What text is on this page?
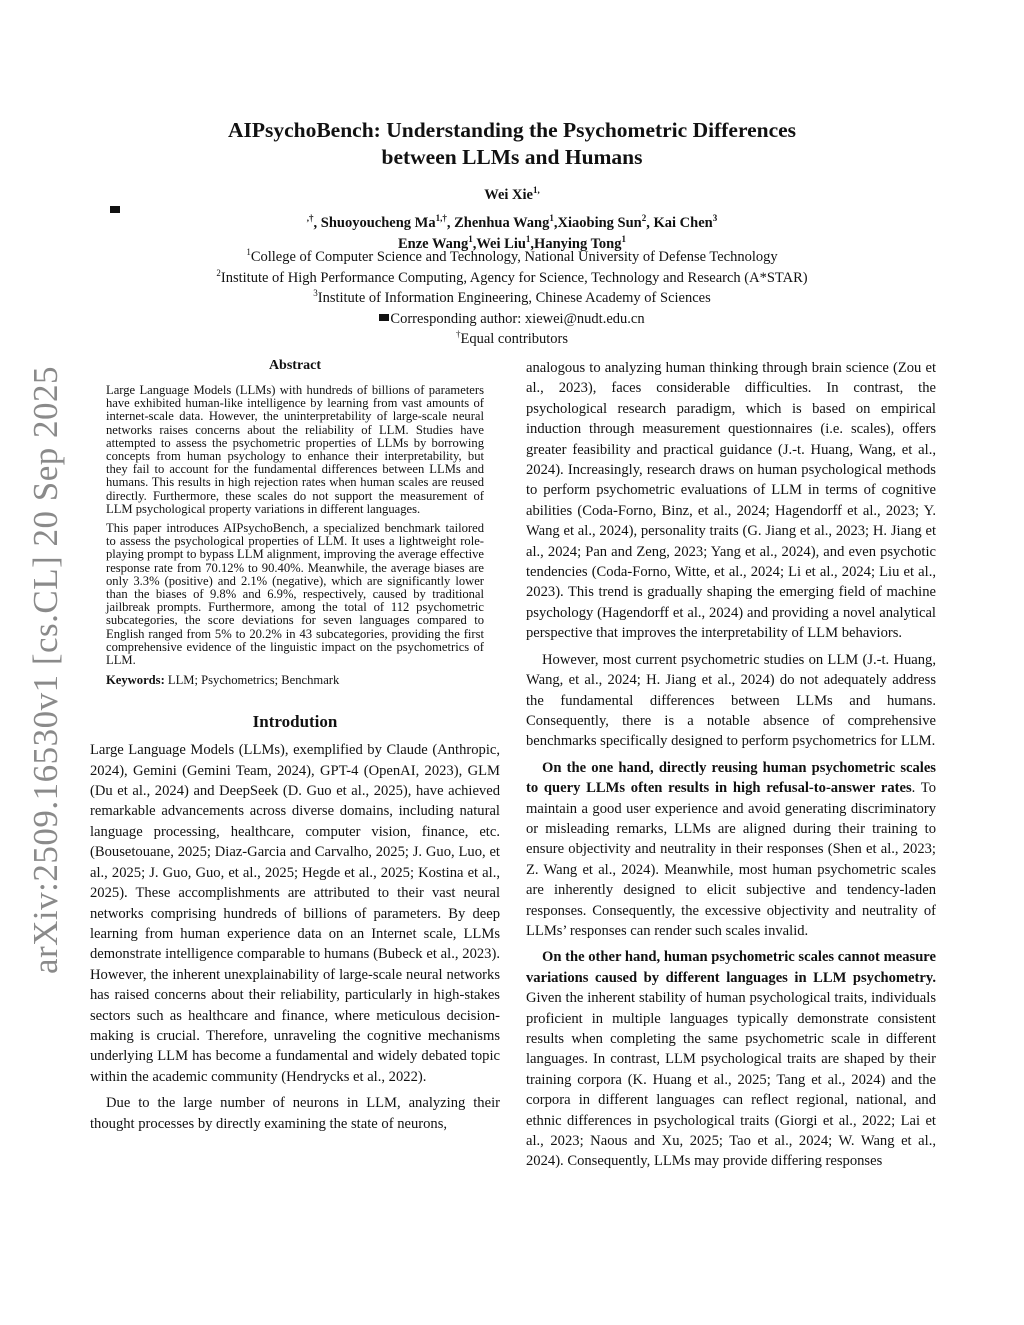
arXiv:2509.16530v1 [cs.CL] 20 Sep 2025
AIPsychoBench: Understanding the Psychometric Differences
between LLMs and Humans
Wei Xie$^{1, ,\dagger}$, Shuoyoucheng $Ma^{1,\dagger}$, Zhenhua Wang$^1$,Xiaobing Sun$^2$, Kai Chen$^3$
Enze Wang$^1$,Wei Liu$^1$,Hanying Tong$^1$
$^1$College of Computer Science and Technology, National University of Defense Technology
$^2$Institute of High Performance Computing, Agency for Science, Technology and Research (A*STAR)
$^3$Institute of Information Engineering, Chinese Academy of Sciences
Corresponding author: xiewei@nudt.edu.cn
†Equal contributors
Abstract

Large Language Models (LLMs) with hundreds of billions of parameters have exhibited human-like intelligence by learning from vast amounts of internet-scale data. However, the uninterpretability of large-scale neural networks raises concerns about the reliability of LLM. Studies have attempted to assess the psychometric properties of LLMs by borrowing concepts from human psychology to enhance their interpretability, but they fail to account for the fundamental differences between LLMs and humans. This results in high rejection rates when human scales are reused directly. Furthermore, these scales do not support the measurement of LLM psychological property variations in different languages.

This paper introduces AIPsychoBench, a specialized benchmark tailored to assess the psychological properties of LLM. It uses a lightweight role-playing prompt to bypass LLM alignment, improving the average effective response rate from 70.12% to 90.40%. Meanwhile, the average biases are only 3.3% (positive) and 2.1% (negative), which are significantly lower than the biases of 9.8% and 6.9%, respectively, caused by traditional jailbreak prompts. Furthermore, among the total of 112 psychometric subcategories, the score deviations for seven languages compared to English ranged from 5% to 20.2% in 43 subcategories, providing the first comprehensive evidence of the linguistic impact on the psychometrics of LLM.

Keywords: LLM; Psychometrics; Benchmark
Introdution

Large Language Models (LLMs), exemplified by Claude (Anthropic, 2024), Gemini (Gemini Team, 2024), GPT-4 (OpenAI, 2023), GLM (Du et al., 2024) and DeepSeek (D. Guo et al., 2025), have achieved remarkable advancements across diverse domains, including natural language processing, healthcare, computer vision, finance, etc. (Bousetouane, 2025; Diaz-Garcia and Carvalho, 2025; J. Guo, Luo, et al., 2025; J. Guo, Guo, et al., 2025; Hegde et al., 2025; Kostina et al., 2025). These accomplishments are attributed to their vast neural networks comprising hundreds of billions of parameters. By deep learning from human experience data on an Internet scale, LLMs demonstrate intelligence comparable to humans (Bubeck et al., 2023). However, the inherent unexplainability of large-scale neural networks has raised concerns about their reliability, particularly in high-stakes sectors such as healthcare and finance, where meticulous decision-making is crucial. Therefore, unraveling the cognitive mechanisms underlying LLM has become a fundamental and widely debated topic within the academic community (Hendrycks et al., 2022).

Due to the large number of neurons in LLM, analyzing their thought processes by directly examining the state of neurons,

analogous to analyzing human thinking through brain science (Zou et al., 2023), faces considerable difficulties. In contrast, the psychological research paradigm, which is based on empirical induction through measurement questionnaires (i.e. scales), offers greater feasibility and practical guidance (J.-t. Huang, Wang, et al., 2024). Increasingly, research draws on human psychological methods to perform psychometric evaluations of LLM in terms of cognitive abilities (Coda-Forno, Binz, et al., 2024; Hagendorff et al., 2023; Y. Wang et al., 2024), personality traits (G. Jiang et al., 2023; H. Jiang et al., 2024; Pan and Zeng, 2023; Yang et al., 2024), and even psychotic tendencies (Coda-Forno, Witte, et al., 2024; Li et al., 2024; Liu et al., 2023). This trend is gradually shaping the emerging field of machine psychology (Hagendorff et al., 2024) and providing a novel analytical perspective that improves the interpretability of LLM behaviors.

However, most current psychometric studies on LLM (J.-t. Huang, Wang, et al., 2024; H. Jiang et al., 2024) do not adequately address the fundamental differences between LLMs and humans. Consequently, there is a notable absence of comprehensive benchmarks specifically designed to perform psychometrics for LLM.

On the one hand, directly reusing human psychometric scales to query LLMs often results in high refusal-to-answer rates. To maintain a good user experience and avoid generating discriminatory or misleading remarks, LLMs are aligned during their training to ensure objectivity and neutrality in their responses (Shen et al., 2023; Z. Wang et al., 2024). Meanwhile, most human psychometric scales are inherently designed to elicit subjective and tendency-laden responses. Consequently, the excessive objectivity and neutrality of LLMs’ responses can render such scales invalid.

On the other hand, human psychometric scales cannot measure variations caused by different languages in LLM psychometry. Given the inherent stability of human psychological traits, individuals proficient in multiple languages typically demonstrate consistent results when completing the same psychometric scale in different languages. In contrast, LLM psychological traits are shaped by their training corpora (K. Huang et al., 2025; Tang et al., 2024) and the corpora in different languages can reflect regional, national, and ethnic differences in psychological traits (Giorgi et al., 2022; Lai et al., 2023; Naous and Xu, 2025; Tao et al., 2024; W. Wang et al., 2024). Consequently, LLMs may provide differing responses
